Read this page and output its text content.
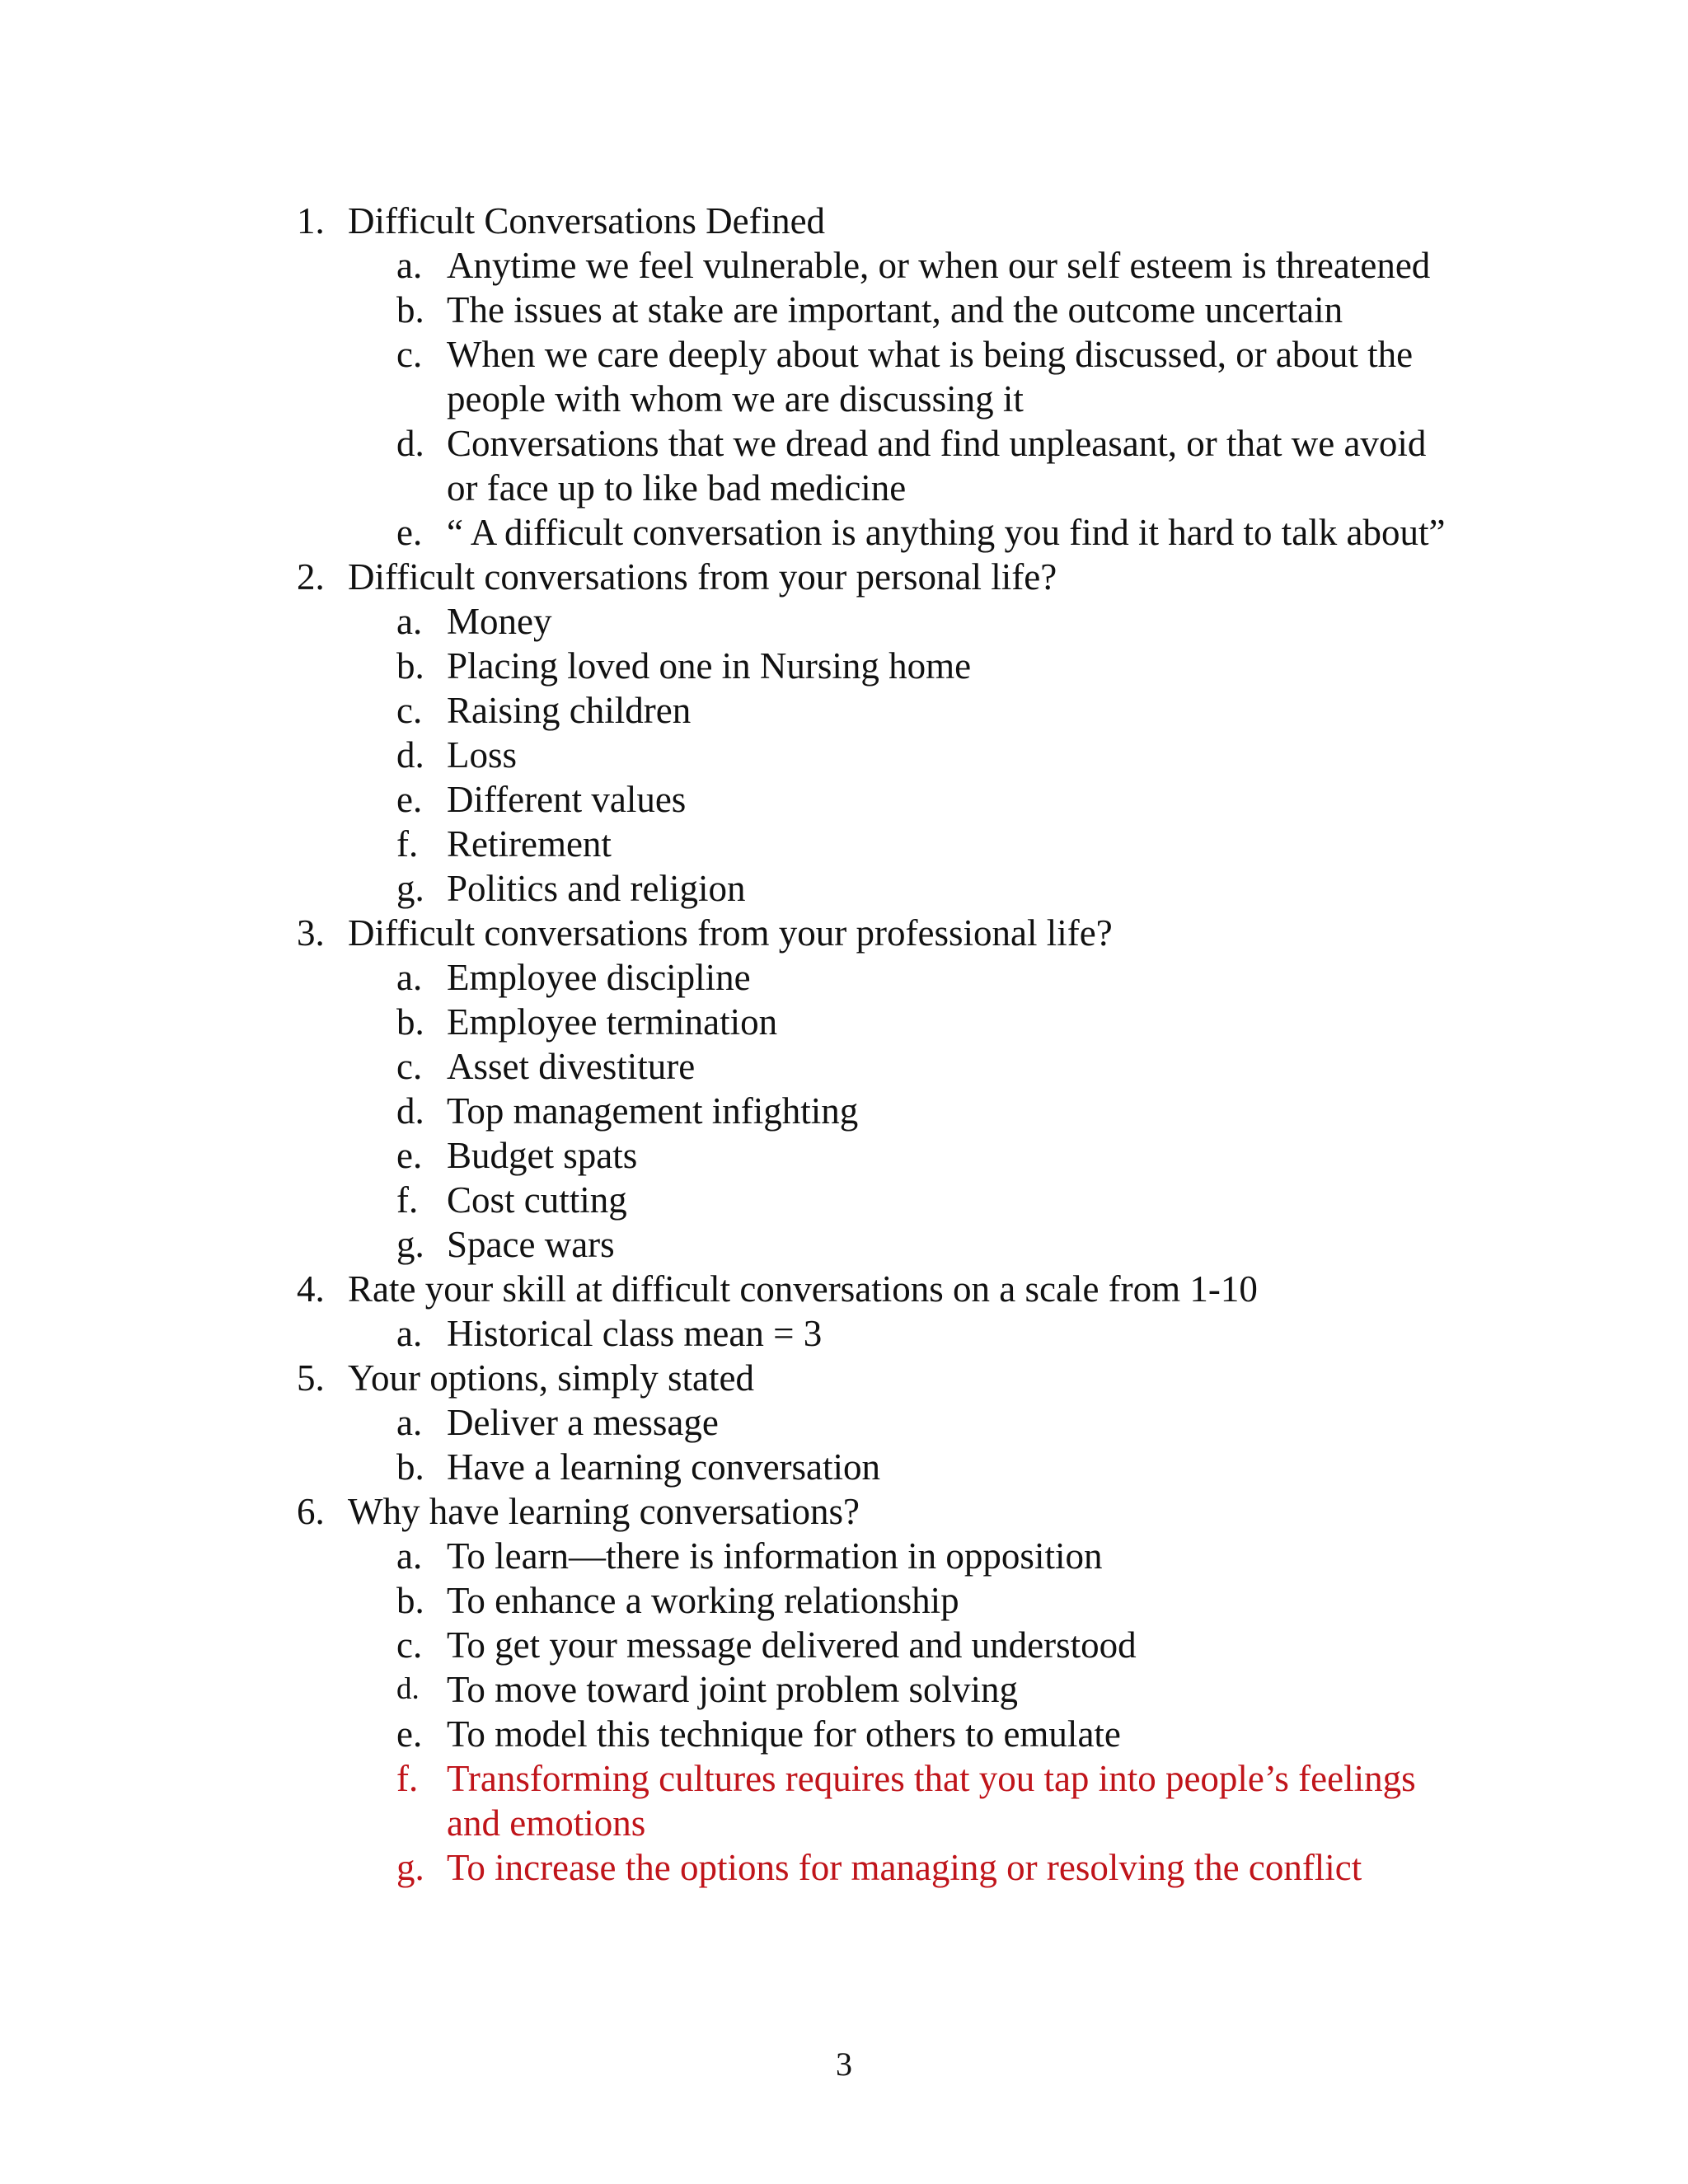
1. Difficult Conversations Defined
a. Anytime we feel vulnerable, or when our self esteem is threatened
b. The issues at stake are important, and the outcome uncertain
c. When we care deeply about what is being discussed, or about the people with whom we are discussing it
d. Conversations that we dread and find unpleasant, or that we avoid or face up to like bad medicine
e. “ A difficult conversation is anything you find it hard to talk about”
2. Difficult conversations from your personal life?
a. Money
b. Placing loved one in Nursing home
c. Raising children
d. Loss
e. Different values
f. Retirement
g. Politics and religion
3. Difficult conversations from your professional life?
a. Employee discipline
b. Employee termination
c. Asset divestiture
d. Top management infighting
e. Budget spats
f. Cost cutting
g. Space wars
4. Rate your skill at difficult conversations on a scale from 1-10
a. Historical class mean = 3
5. Your options, simply stated
a. Deliver a message
b. Have a learning conversation
6. Why have learning conversations?
a. To learn—there is information in opposition
b. To enhance a working relationship
c. To get your message delivered and understood
d. To move toward joint problem solving
e. To model this technique for others to emulate
f. Transforming cultures requires that you tap into people’s feelings and emotions
g. To increase the options for managing or resolving the conflict
3
